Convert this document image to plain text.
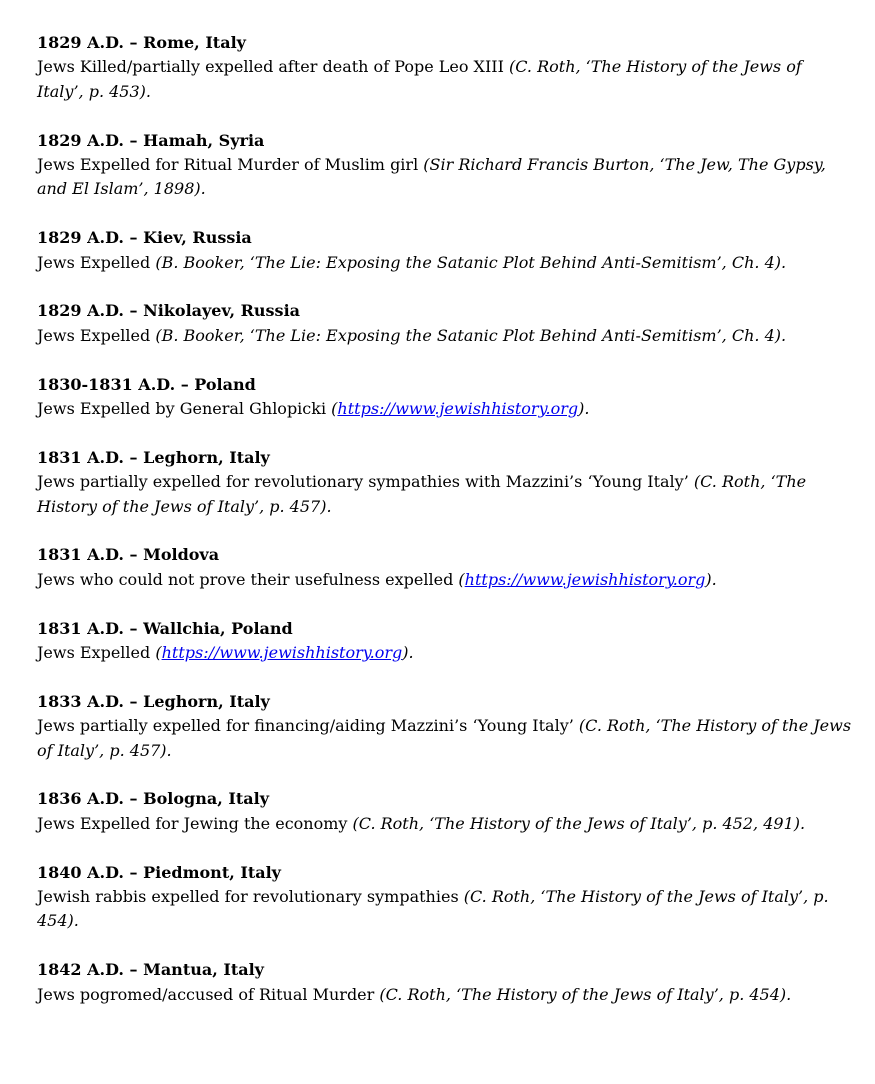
1829 A.D. – Rome, Italy
Jews Killed/partially expelled after death of Pope Leo XIII (C. Roth, ‘The History of the Jews of Italy’, p. 453).
1829 A.D. – Hamah, Syria
Jews Expelled for Ritual Murder of Muslim girl (Sir Richard Francis Burton, ‘The Jew, The Gypsy, and El Islam’, 1898).
1829 A.D. – Kiev, Russia
Jews Expelled (B. Booker, ‘The Lie: Exposing the Satanic Plot Behind Anti-Semitism’, Ch. 4).
1829 A.D. – Nikolayev, Russia
Jews Expelled (B. Booker, ‘The Lie: Exposing the Satanic Plot Behind Anti-Semitism’, Ch. 4).
1830-1831 A.D. – Poland
Jews Expelled by General Ghlopicki (https://www.jewishhistory.org).
1831 A.D. – Leghorn, Italy
Jews partially expelled for revolutionary sympathies with Mazzini’s ‘Young Italy’ (C. Roth, ‘The History of the Jews of Italy’, p. 457).
1831 A.D. – Moldova
Jews who could not prove their usefulness expelled (https://www.jewishhistory.org).
1831 A.D. – Wallchia, Poland
Jews Expelled (https://www.jewishhistory.org).
1833 A.D. – Leghorn, Italy
Jews partially expelled for financing/aiding Mazzini’s ‘Young Italy’ (C. Roth, ‘The History of the Jews of Italy’, p. 457).
1836 A.D. – Bologna, Italy
Jews Expelled for Jewing the economy (C. Roth, ‘The History of the Jews of Italy’, p. 452, 491).
1840 A.D. – Piedmont, Italy
Jewish rabbis expelled for revolutionary sympathies (C. Roth, ‘The History of the Jews of Italy’, p. 454).
1842 A.D. – Mantua, Italy
Jews pogromed/accused of Ritual Murder (C. Roth, ‘The History of the Jews of Italy’, p. 454).
